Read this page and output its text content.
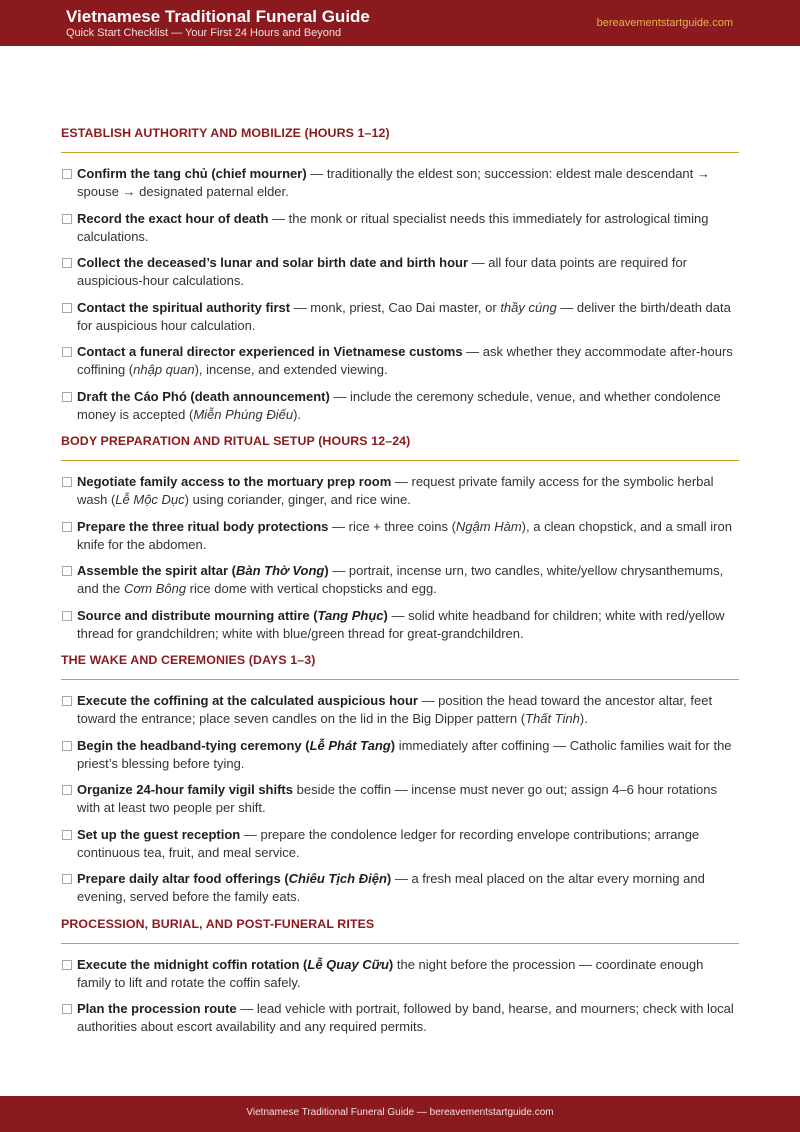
Vietnamese Traditional Funeral Guide
Quick Start Checklist — Your First 24 Hours and Beyond
bereavementstartguide.com
ESTABLISH AUTHORITY AND MOBILIZE (HOURS 1–12)
Confirm the tang chủ (chief mourner) — traditionally the eldest son; succession: eldest male descendant → spouse → designated paternal elder.
Record the exact hour of death — the monk or ritual specialist needs this immediately for astrological timing calculations.
Collect the deceased’s lunar and solar birth date and birth hour — all four data points are required for auspicious-hour calculations.
Contact the spiritual authority first — monk, priest, Cao Dai master, or thầy cúng — deliver the birth/death data for auspicious hour calculation.
Contact a funeral director experienced in Vietnamese customs — ask whether they accommodate after-hours coffining (nhập quan), incense, and extended viewing.
Draft the Cáo Phó (death announcement) — include the ceremony schedule, venue, and whether condolence money is accepted (Miễn Phúng Điếu).
BODY PREPARATION AND RITUAL SETUP (HOURS 12–24)
Negotiate family access to the mortuary prep room — request private family access for the symbolic herbal wash (Lễ Mộc Dục) using coriander, ginger, and rice wine.
Prepare the three ritual body protections — rice + three coins (Ngậm Hàm), a clean chopstick, and a small iron knife for the abdomen.
Assemble the spirit altar (Bàn Thờ Vong) — portrait, incense urn, two candles, white/yellow chrysanthemums, and the Cơm Bông rice dome with vertical chopsticks and egg.
Source and distribute mourning attire (Tang Phục) — solid white headband for children; white with red/yellow thread for grandchildren; white with blue/green thread for great-grandchildren.
THE WAKE AND CEREMONIES (DAYS 1–3)
Execute the coffining at the calculated auspicious hour — position the head toward the ancestor altar, feet toward the entrance; place seven candles on the lid in the Big Dipper pattern (Thất Tinh).
Begin the headband-tying ceremony (Lễ Phát Tang) immediately after coffining — Catholic families wait for the priest’s blessing before tying.
Organize 24-hour family vigil shifts beside the coffin — incense must never go out; assign 4–6 hour rotations with at least two people per shift.
Set up the guest reception — prepare the condolence ledger for recording envelope contributions; arrange continuous tea, fruit, and meal service.
Prepare daily altar food offerings (Chiêu Tịch Điện) — a fresh meal placed on the altar every morning and evening, served before the family eats.
PROCESSION, BURIAL, AND POST-FUNERAL RITES
Execute the midnight coffin rotation (Lễ Quay Cữu) the night before the procession — coordinate enough family to lift and rotate the coffin safely.
Plan the procession route — lead vehicle with portrait, followed by band, hearse, and mourners; check with local authorities about escort availability and any required permits.
Vietnamese Traditional Funeral Guide — bereavementstartguide.com
